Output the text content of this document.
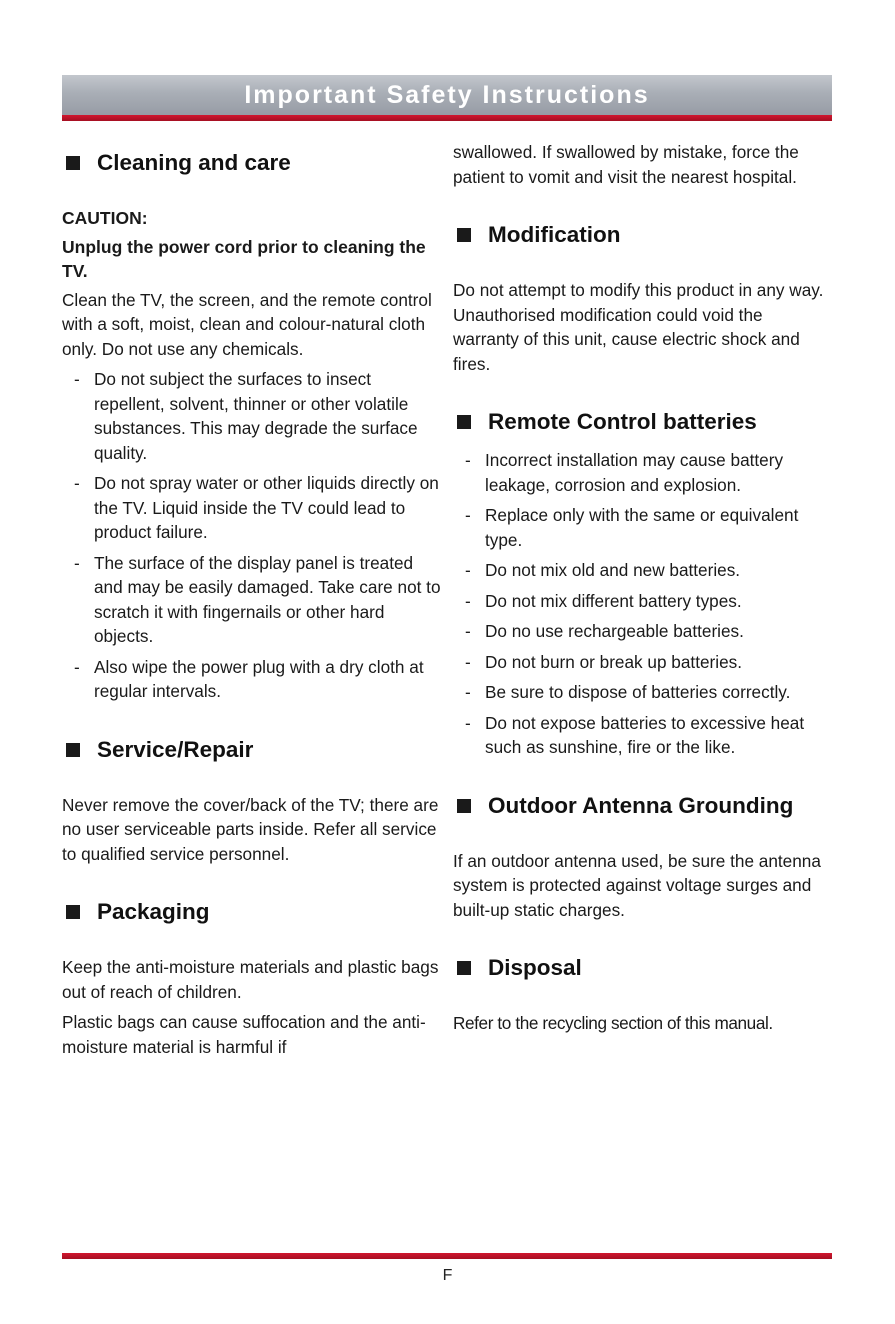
Important Safety Instructions
Cleaning and care
CAUTION:
Unplug the power cord prior to cleaning the TV.
Clean the TV, the screen, and the remote control with a soft, moist, clean and colour-natural cloth only. Do not use any chemicals.
- Do not subject the surfaces to insect repellent, solvent, thinner or other volatile substances. This may degrade the surface quality.
- Do not spray water or other liquids directly on the TV. Liquid inside the TV could lead to product failure.
- The surface of the display panel is treated and may be easily damaged. Take care not to scratch it with fingernails or other hard objects.
- Also wipe the power plug with a dry cloth at regular intervals.
Service/Repair
Never remove the cover/back of the TV; there are no user serviceable parts inside. Refer all service to qualified service personnel.
Packaging
Keep the anti-moisture materials and plastic bags out of reach of children.
Plastic bags can cause suffocation and the anti-moisture material is harmful if
swallowed. If swallowed by mistake, force the patient to vomit and visit the nearest hospital.
Modification
Do not attempt to modify this product in any way. Unauthorised modification could void the warranty of this unit, cause electric shock and fires.
Remote Control batteries
- Incorrect installation may cause battery leakage, corrosion and explosion.
- Replace only with the same or equivalent type.
- Do not mix old and new batteries.
- Do not mix different battery types.
- Do no use rechargeable batteries.
- Do not burn or break up batteries.
- Be sure to dispose of batteries correctly.
- Do not expose batteries to excessive heat such as sunshine, fire or the like.
Outdoor Antenna Grounding
If an outdoor antenna used, be sure the antenna system is protected against voltage surges and built-up static charges.
Disposal
Refer to the recycling section of this manual.
F
